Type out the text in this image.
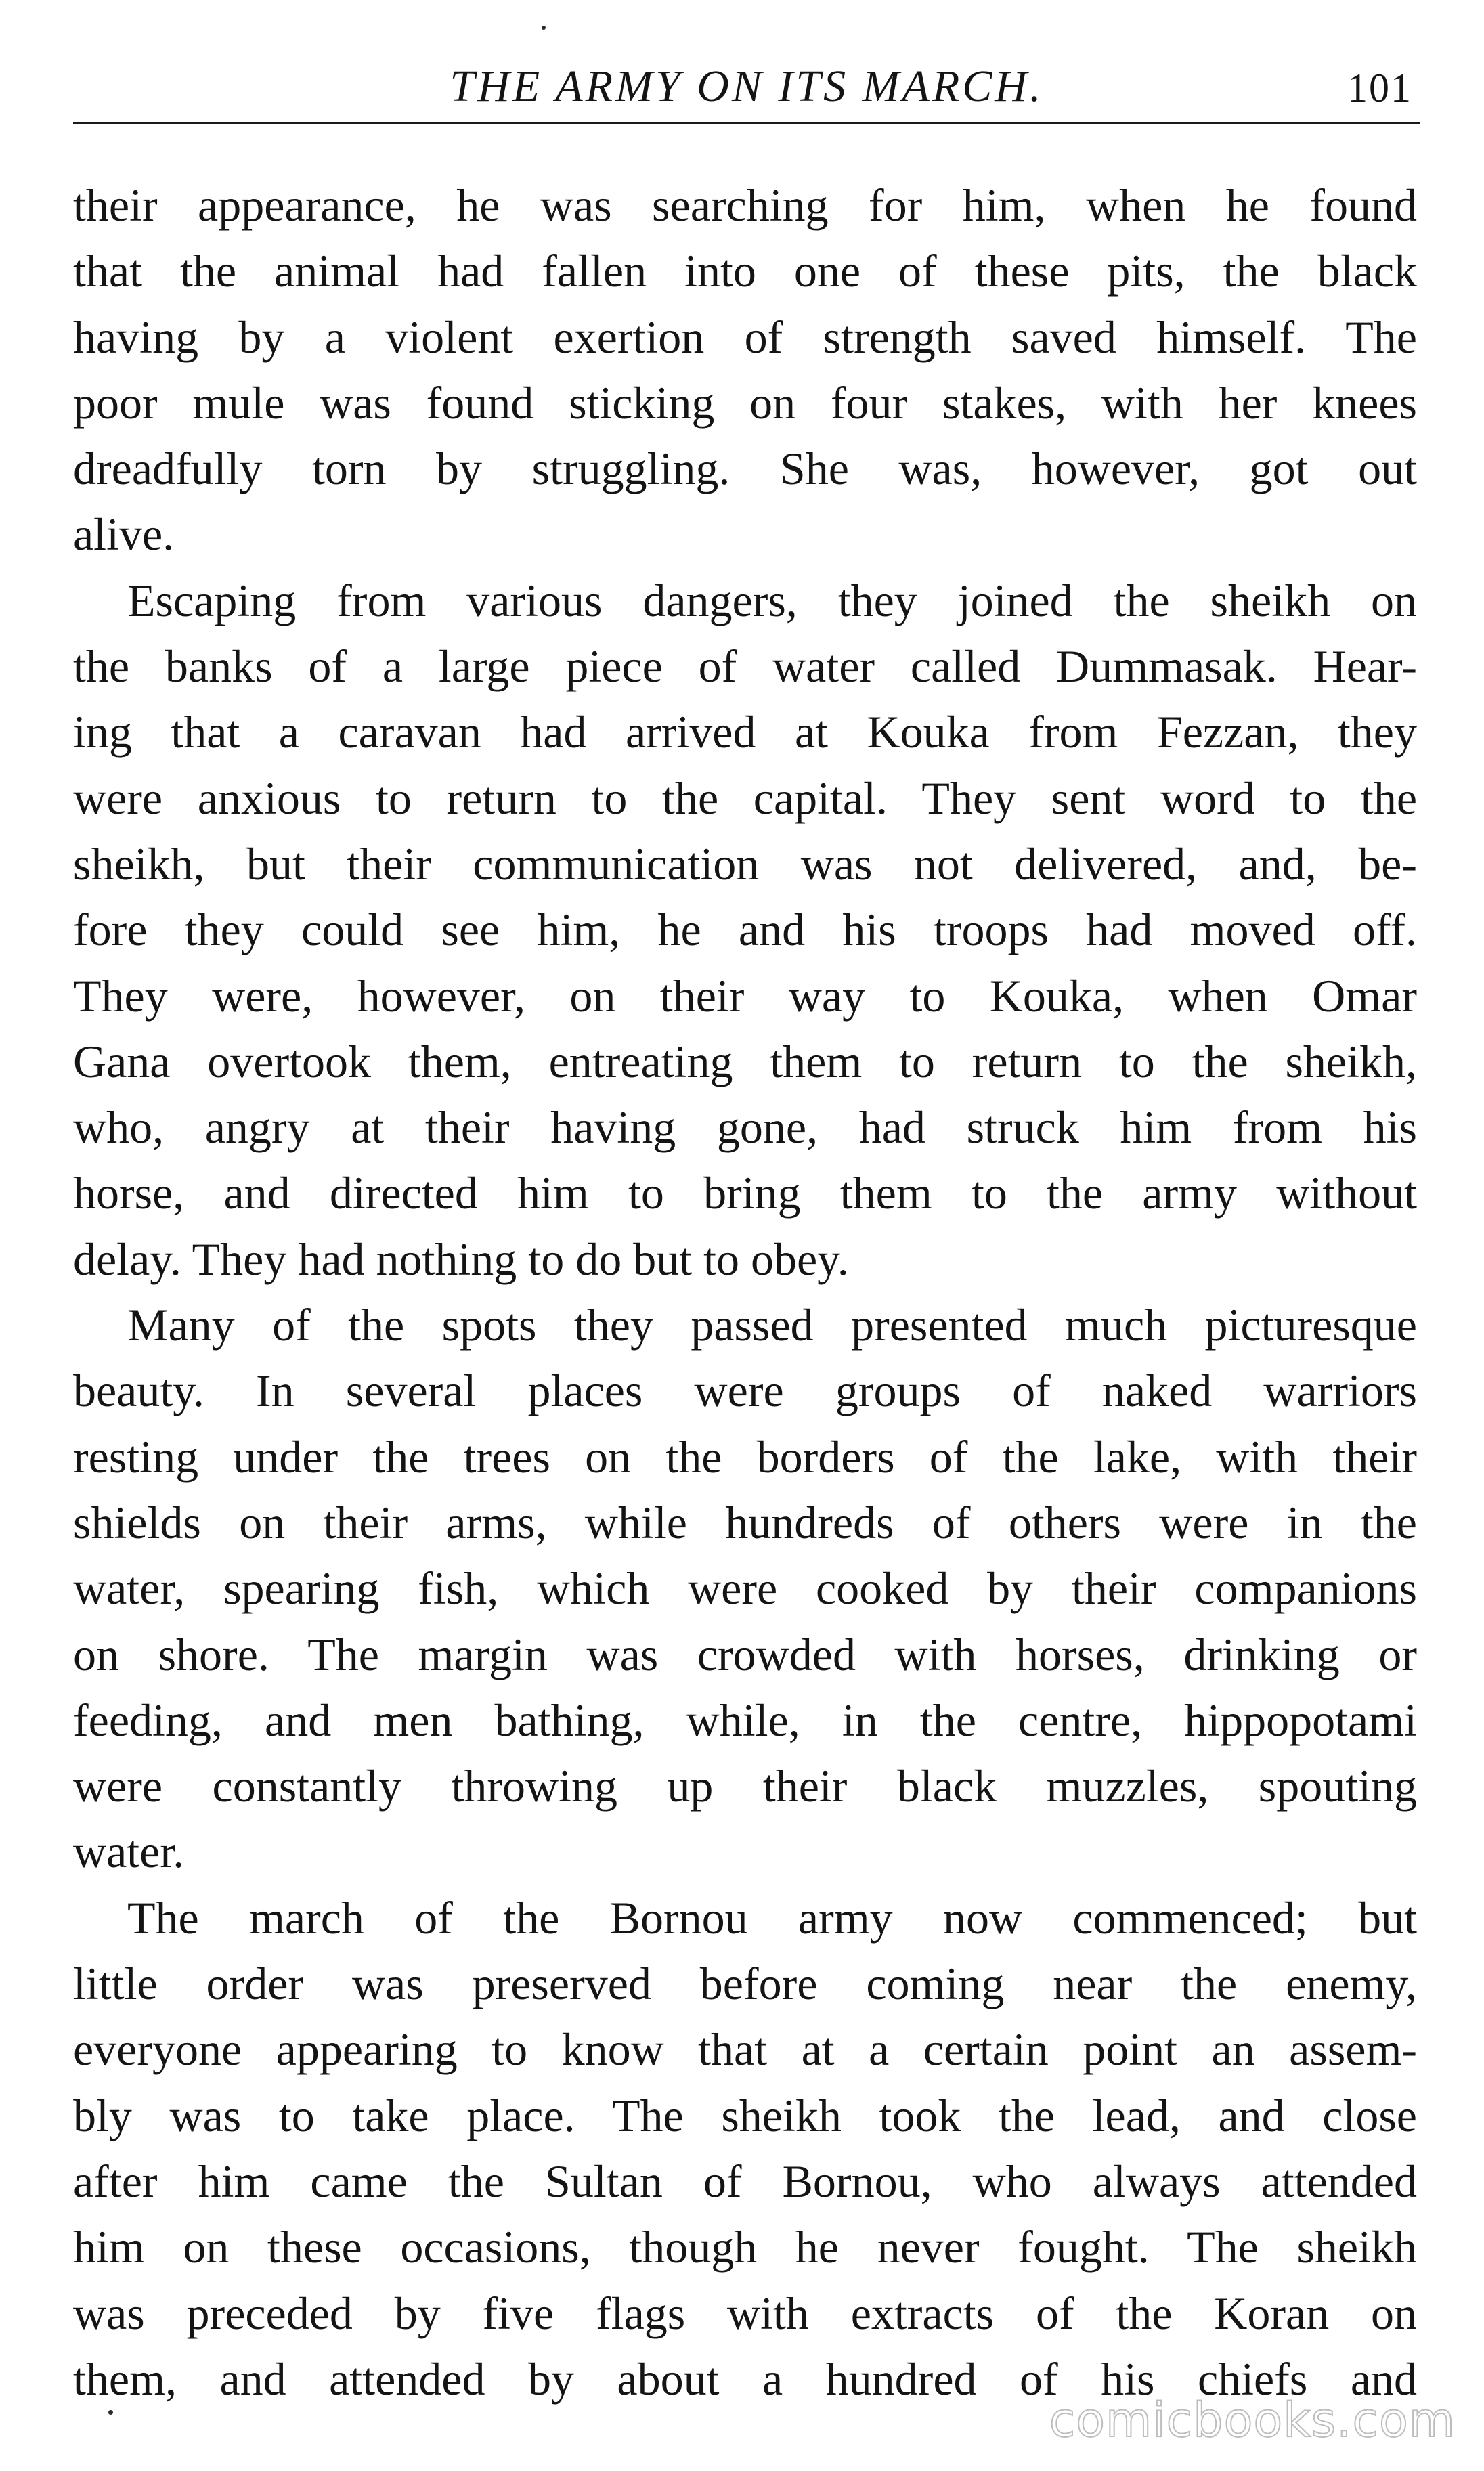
THE ARMY ON ITS MARCH.	101
their appearance, he was searching for him, when he found
that the animal had fallen into one of these pits, the black
having by a violent exertion of strength saved himself. The
poor mule was found sticking on four stakes, with her knees
dreadfully torn by struggling. She was, however, got out
alive.
Escaping from various dangers, they joined the sheikh on
the banks of a large piece of water called Dummasak. Hear-
ing that a caravan had arrived at Kouka from Fezzan, they
were anxious to return to the capital. They sent word to the
sheikh, but their communication was not delivered, and, be-
fore they could see him, he and his troops had moved off.
They were, however, on their way to Kouka, when Omar
Gana overtook them, entreating them to return to the sheikh,
who, angry at their having gone, had struck him from his
horse, and directed him to bring them to the army without
delay. They had nothing to do but to obey.
Many of the spots they passed presented much picturesque
beauty. In several places were groups of naked warriors
resting under the trees on the borders of the lake, with their
shields on their arms, while hundreds of others were in the
water, spearing fish, which were cooked by their companions
on shore. The margin was crowded with horses, drinking or
feeding, and men bathing, while, in the centre, hippopotami
were constantly throwing up their black muzzles, spouting
water.
The march of the Bornou army now commenced; but
little order was preserved before coming near the enemy,
everyone appearing to know that at a certain point an assem-
bly was to take place. The sheikh took the lead, and close
after him came the Sultan of Bornou, who always attended
him on these occasions, though he never fought. The sheikh
was preceded by five flags with extracts of the Koran on
them, and attended by about a hundred of his chiefs and
comicbooks.com
